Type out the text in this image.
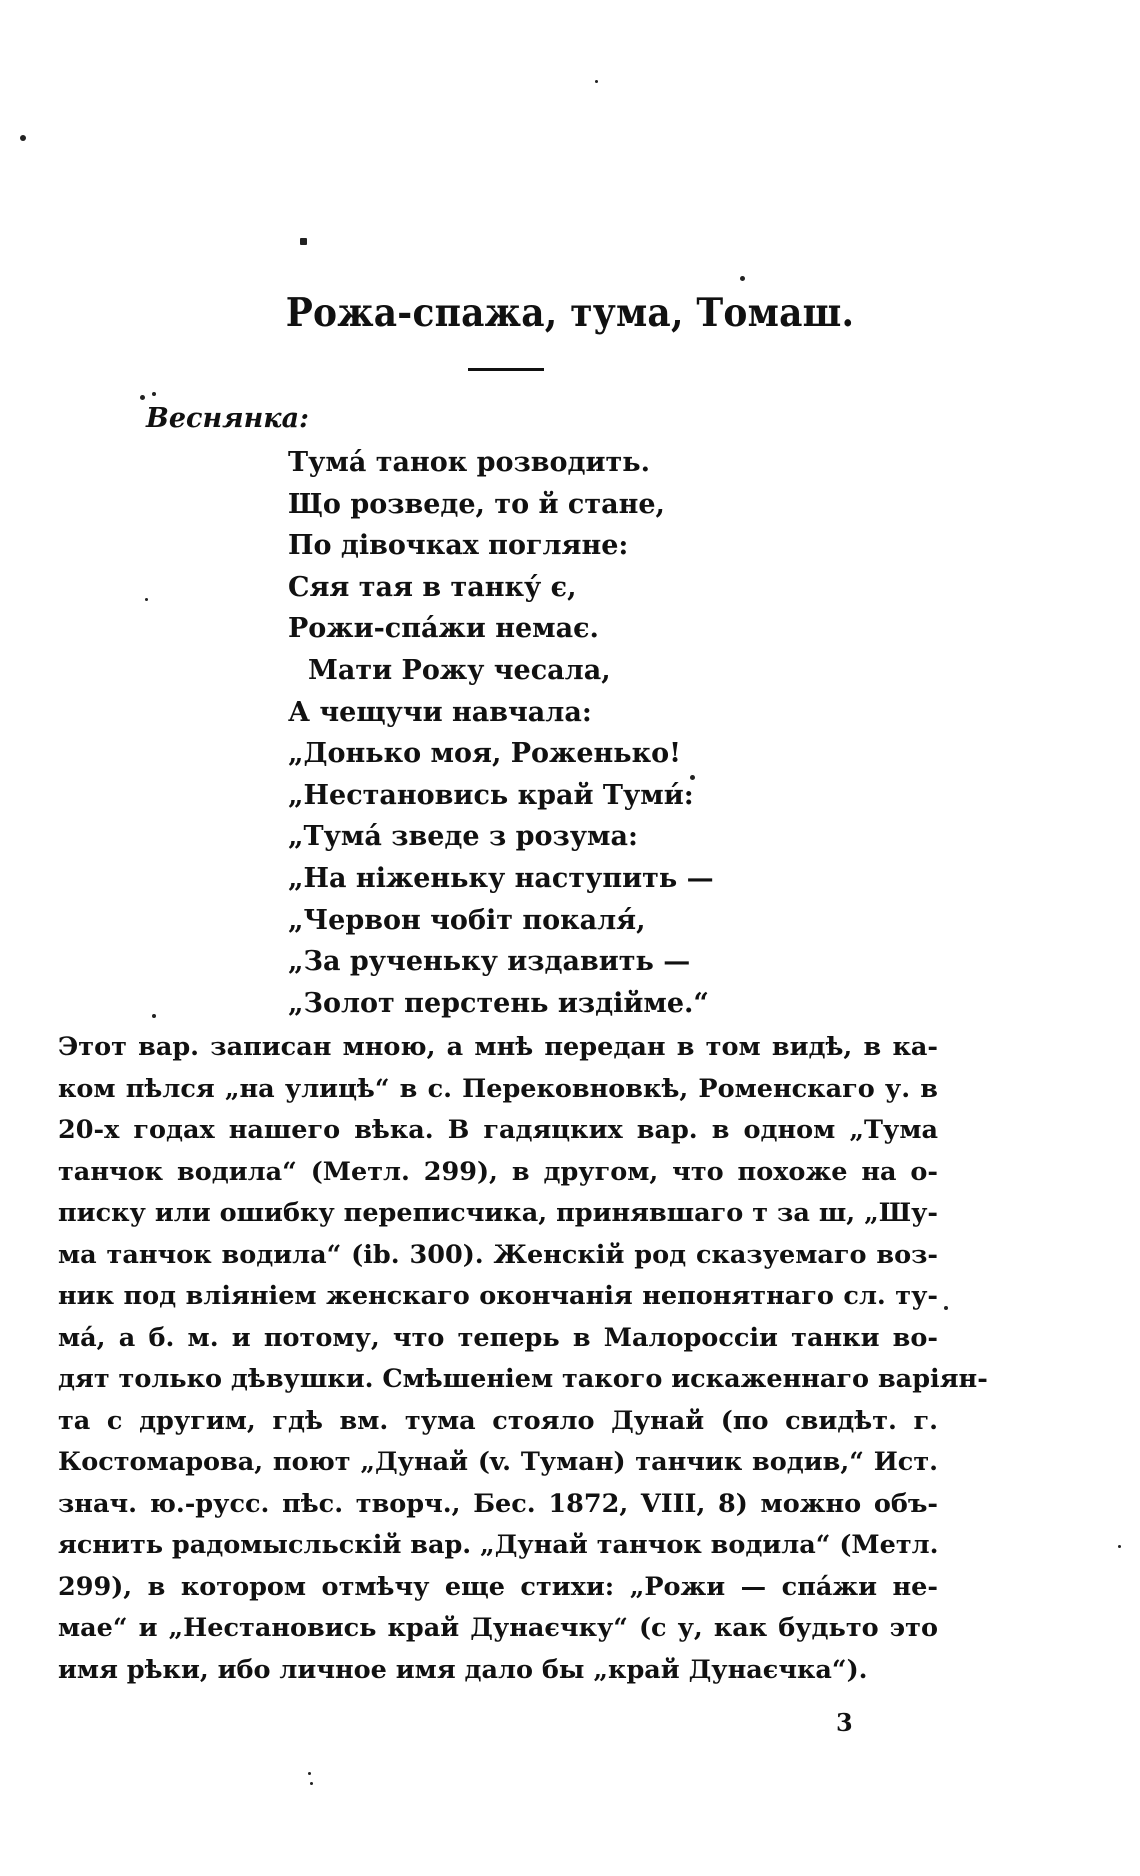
Рожа-спажа, тума, Томаш.
Веснянка:
Тума́ танок розводить.
Що розведе, то й стане,
По дівочках погляне:
Сяя тая в танку́ є,
Рожи-спа́жи немає.
Мати Рожу чесала,
А чещучи навчала:
„Донько моя, Роженько!
„Нестановись край Туми́:
„Тума́ зведе з розума:
„На ніженьку наступить —
„Червон чобіт покаля́,
„За рученьку издавить —
„Золот перстень издійме.“
Этот вар. записан мною, а мнѣ передан в том видѣ, в ка-
ком пѣлся „на улицѣ“ в с. Перековновкѣ, Роменскаго у. в
20-х годах нашего вѣка. В гадяцких вар. в одном „Тума
танчок водила“ (Метл. 299), в другом, что похоже на о-
писку или ошибку переписчика, принявшаго т за ш, „Шу-
ма танчок водила“ (ib. 300). Женскій род сказуемаго воз-
ник под вліяніем женскаго окончанія непонятнаго сл. ту-
ма́, а б. м. и потому, что теперь в Малороссіи танки во-
дят только дѣвушки. Смѣшеніем такого искаженнаго варіян-
та с другим, гдѣ вм. тума стояло Дунай (по свидѣт. г.
Костомарова, поют „Дунай (v. Туман) танчик водив,“ Ист.
знач. ю.-русс. пѣс. творч., Бес. 1872, VIII, 8) можно объ-
яснить радомысльскій вар. „Дунай танчок водила“ (Метл.
299), в котором отмѣчу еще стихи: „Рожи — спа́жи не-
мае“ и „Нестановись край Дунаєчку“ (с у, как будьто это
имя рѣки, ибо личное имя дало бы „край Дунаєчка“).
3
